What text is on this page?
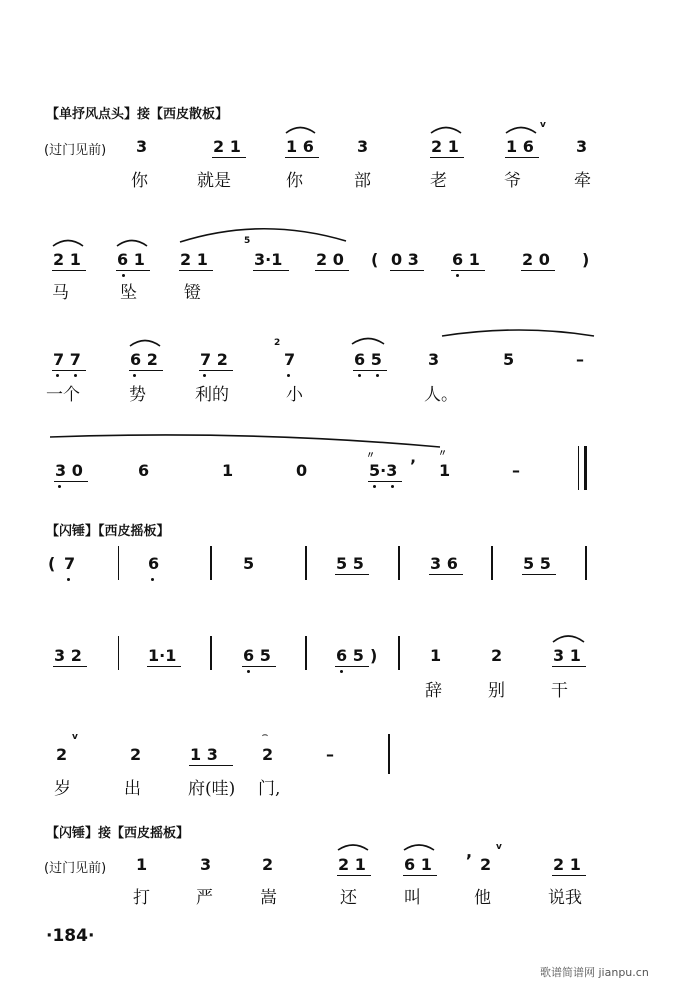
【单抒风点头】接【西皮散板】
(过门见前) 3	2 1	1 6	3	2 1	1 6
v
3
你	就是	你	部	老	爷	牵
2 1 6 1 2 1
5
3·1 2 0 ( 0 3 6 1	2 0 )
马	坠	镫
7 7	6 2	7 2
2
7	6 5	3	5	–
一个	势	利的	小	人。
3 0	6	1	0
〃
5·3 ’
〃
1	–
【闪锤】【西皮摇板】
( 7	6	5	5 5	3 6	5 5
3 2	1·1	6 5	6 5 )	1	2	3 1
辞	别	干
2
v
2	1 3
⌢
2	–
岁	出	府(哇) 门,
【闪锤】接【西皮摇板】
(过门见前) 1	3	2	2 1 6 1
,
2
v
2 1
打	严	嵩	还	叫	他	说我
·184·
歌谱简谱网 jianpu.cn
